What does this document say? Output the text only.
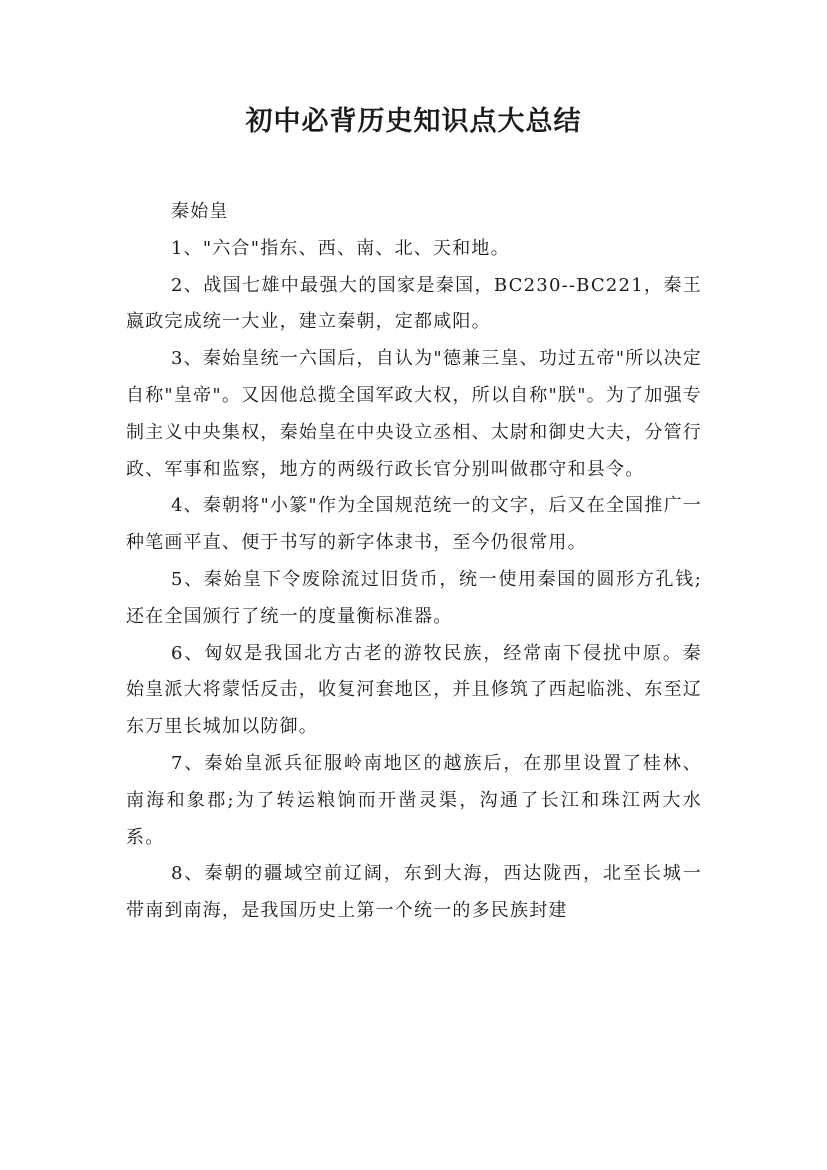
初中必背历史知识点大总结

秦始皇

1、"六合"指东、西、南、北、天和地。

2、战国七雄中最强大的国家是秦国，BC230--BC221，秦王嬴政完成统一大业，建立秦朝，定都咸阳。

3、秦始皇统一六国后，自认为"德兼三皇、功过五帝"所以决定自称"皇帝"。又因他总揽全国军政大权，所以自称"朕"。为了加强专制主义中央集权，秦始皇在中央设立丞相、太尉和御史大夫，分管行政、军事和监察，地方的两级行政长官分别叫做郡守和县令。

4、秦朝将"小篆"作为全国规范统一的文字，后又在全国推广一种笔画平直、便于书写的新字体隶书，至今仍很常用。

5、秦始皇下令废除流过旧货币，统一使用秦国的圆形方孔钱;还在全国颁行了统一的度量衡标准器。

6、匈奴是我国北方古老的游牧民族，经常南下侵扰中原。秦始皇派大将蒙恬反击，收复河套地区，并且修筑了西起临洮、东至辽东万里长城加以防御。

7、秦始皇派兵征服岭南地区的越族后，在那里设置了桂林、南海和象郡;为了转运粮饷而开凿灵渠，沟通了长江和珠江两大水系。

8、秦朝的疆域空前辽阔，东到大海，西达陇西，北至长城一带南到南海，是我国历史上第一个统一的多民族封建
